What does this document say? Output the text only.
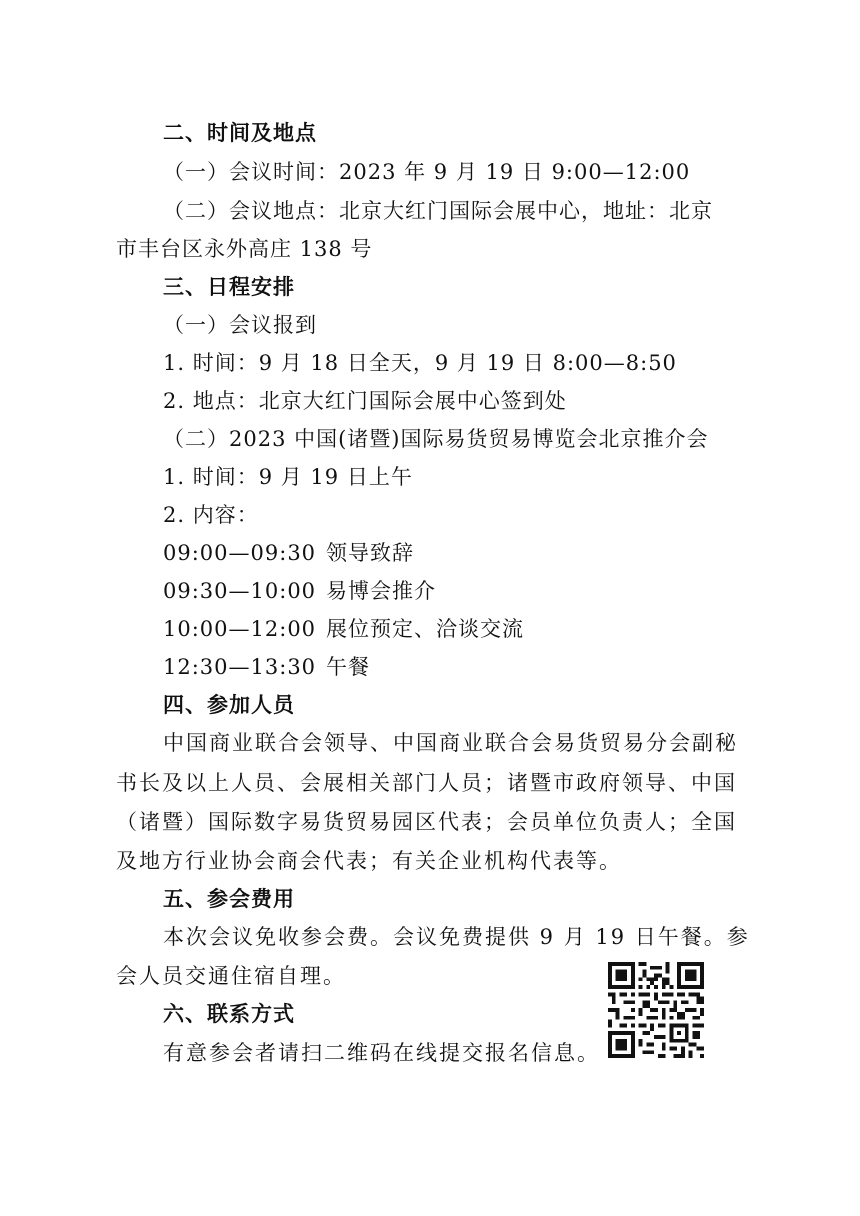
二、时间及地点
（一）会议时间：2023 年 9 月 19 日 9:00—12:00
（二）会议地点：北京大红门国际会展中心，地址：北京
市丰台区永外高庄 138 号
三、日程安排
（一）会议报到
1. 时间：9 月 18 日全天，9 月 19 日 8:00—8:50
2. 地点：北京大红门国际会展中心签到处
（二）2023 中国(诸暨)国际易货贸易博览会北京推介会
1. 时间：9 月 19 日上午
2. 内容：
09:00—09:30 领导致辞
09:30—10:00 易博会推介
10:00—12:00 展位预定、洽谈交流
12:30—13:30 午餐
四、参加人员
中国商业联合会领导、中国商业联合会易货贸易分会副秘
书长及以上人员、会展相关部门人员；诸暨市政府领导、中国
（诸暨）国际数字易货贸易园区代表；会员单位负责人；全国
及地方行业协会商会代表；有关企业机构代表等。
五、参会费用
本次会议免收参会费。会议免费提供 9 月 19 日午餐。参
会人员交通住宿自理。
六、联系方式
有意参会者请扫二维码在线提交报名信息。
